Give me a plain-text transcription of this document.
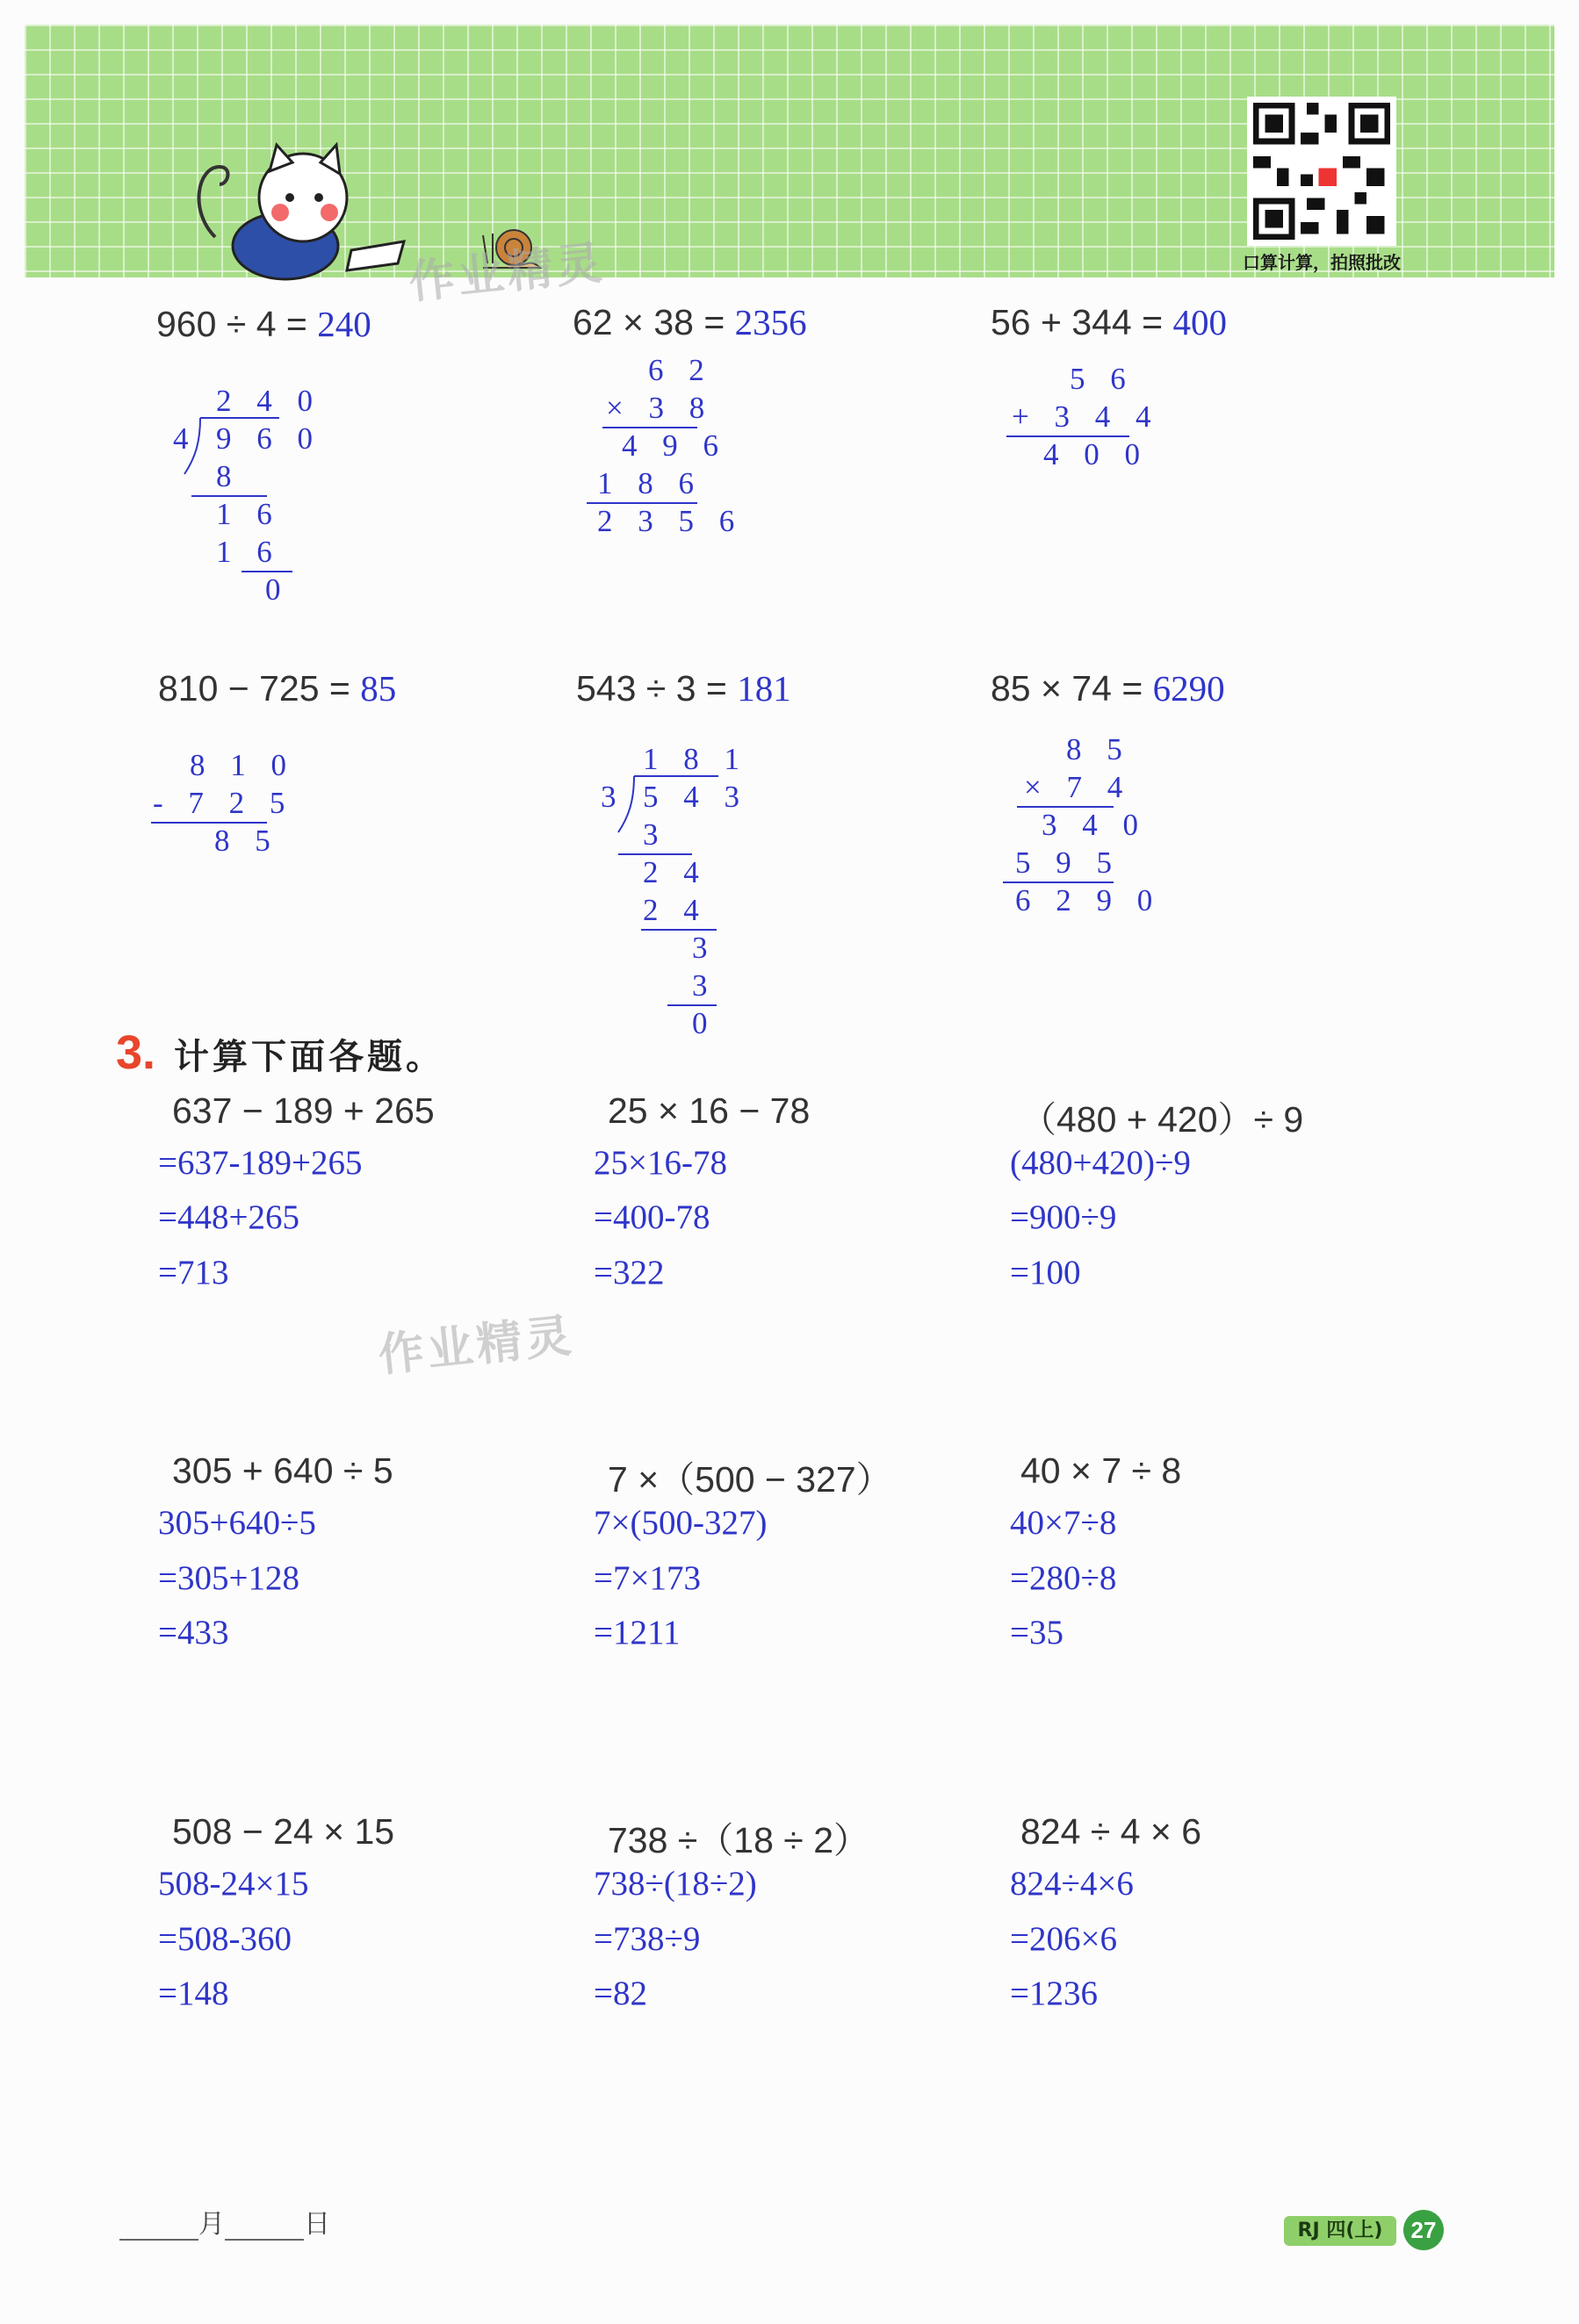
作业精灵	口算计算，拍照批改
960 ÷ 4 = 240
2 4 0
4 9 6 0
8
1 6
1 6
0
62 × 38 = 2356
6 2
× 3 8
4 9 6
1 8 6
2 3 5 6
56 + 344 = 400
5 6
+ 3 4 4
4 0 0
810 − 725 = 85
8 1 0
- 7 2 5
8 5
543 ÷ 3 = 181
1 8 1
3 5 4 3
3
2 4
2 4
3
3
0
85 × 74 = 6290
8 5
× 7 4
3 4 0
5 9 5
6 2 9 0
3. 计算下面各题。
637 − 189 + 265
=637-189+265
=448+265
=713
25 × 16 − 78
25×16-78
=400-78
=322
（480 + 420）÷ 9
(480+420)÷9
=900÷9
=100
作业精灵
305 + 640 ÷ 5
305+640÷5
=305+128
=433
7 ×（500 − 327）
7×(500-327)
=7×173
=1211
40 × 7 ÷ 8
40×7÷8
=280÷8
=35
508 − 24 × 15
508-24×15
=508-360
=148
738 ÷（18 ÷ 2）
738÷(18÷2)
=738÷9
=82
824 ÷ 4 × 6
824÷4×6
=206×6
=1236
月	日	RJ 四(上)	27
